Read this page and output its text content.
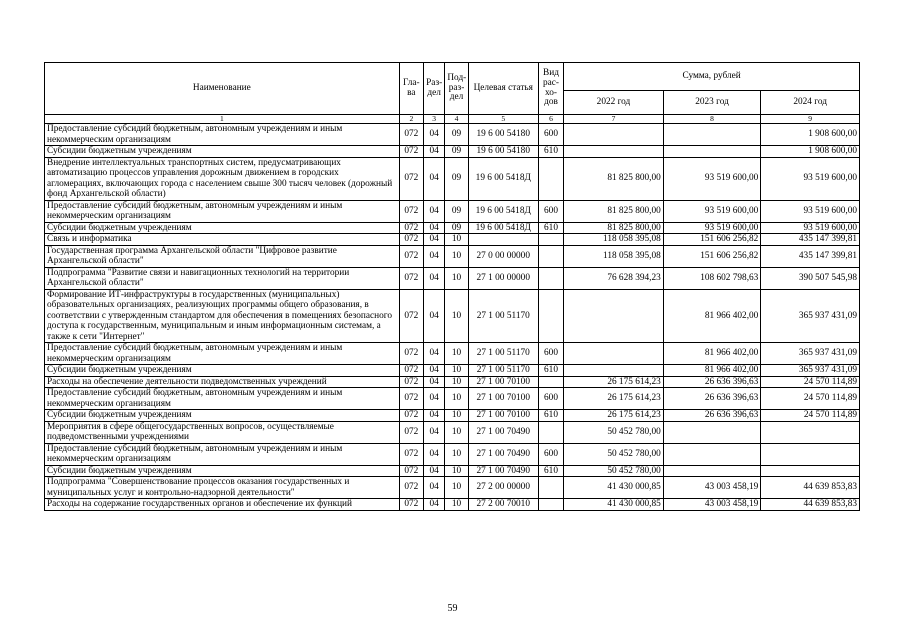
Наименование	Гла-ва	Раз-дел	Под-раз-дел	Целевая статья	Вид рас-хо-дов	Сумма, рублей		
						2022 год	2023 год	2024 год
1	2	3	4	5	6	7	8	9
Предоставление субсидий бюджетным, автономным учреждениям и иным некоммерческим организациям	072	04	09	19 6 00 54180	600			1 908 600,00
Субсидии бюджетным учреждениям	072	04	09	19 6 00 54180	610			1 908 600,00
Внедрение интеллектуальных транспортных систем, предусматривающих автоматизацию процессов управления дорожным движением в городских агломерациях, включающих города с населением свыше 300 тысяч человек (дорожный фонд Архангельской области)	072	04	09	19 6 00 5418Д		81 825 800,00	93 519 600,00	93 519 600,00
Предоставление субсидий бюджетным, автономным учреждениям и иным некоммерческим организациям	072	04	09	19 6 00 5418Д	600	81 825 800,00	93 519 600,00	93 519 600,00
Субсидии бюджетным учреждениям	072	04	09	19 6 00 5418Д	610	81 825 800,00	93 519 600,00	93 519 600,00
Связь и информатика	072	04	10			118 058 395,08	151 606 256,82	435 147 399,81
Государственная программа Архангельской области "Цифровое развитие Архангельской области"	072	04	10	27 0 00 00000		118 058 395,08	151 606 256,82	435 147 399,81
Подпрограмма "Развитие связи и навигационных технологий на территории Архангельской области"	072	04	10	27 1 00 00000		76 628 394,23	108 602 798,63	390 507 545,98
Формирование ИТ-инфраструктуры в государственных (муниципальных) образовательных организациях, реализующих программы общего образования, в соответствии с утвержденным стандартом для обеспечения в помещениях безопасного доступа к государственным, муниципальным и иным информационным системам, а также к сети "Интернет"	072	04	10	27 1 00 51170			81 966 402,00	365 937 431,09
Предоставление субсидий бюджетным, автономным учреждениям и иным некоммерческим организациям	072	04	10	27 1 00 51170	600		81 966 402,00	365 937 431,09
Субсидии бюджетным учреждениям	072	04	10	27 1 00 51170	610		81 966 402,00	365 937 431,09
Расходы на обеспечение деятельности подведомственных учреждений	072	04	10	27 1 00 70100		26 175 614,23	26 636 396,63	24 570 114,89
Предоставление субсидий бюджетным, автономным учреждениям и иным некоммерческим организациям	072	04	10	27 1 00 70100	600	26 175 614,23	26 636 396,63	24 570 114,89
Субсидии бюджетным учреждениям	072	04	10	27 1 00 70100	610	26 175 614,23	26 636 396,63	24 570 114,89
Мероприятия в сфере общегосударственных вопросов, осуществляемые подведомственными учреждениями	072	04	10	27 1 00 70490		50 452 780,00		
Предоставление субсидий бюджетным, автономным учреждениям и иным некоммерческим организациям	072	04	10	27 1 00 70490	600	50 452 780,00		
Субсидии бюджетным учреждениям	072	04	10	27 1 00 70490	610	50 452 780,00		
Подпрограмма "Совершенствование процессов оказания государственных и муниципальных услуг и контрольно-надзорной деятельности"	072	04	10	27 2 00 00000		41 430 000,85	43 003 458,19	44 639 853,83
Расходы на содержание государственных органов и обеспечение их функций	072	04	10	27 2 00 70010		41 430 000,85	43 003 458,19	44 639 853,83
59
